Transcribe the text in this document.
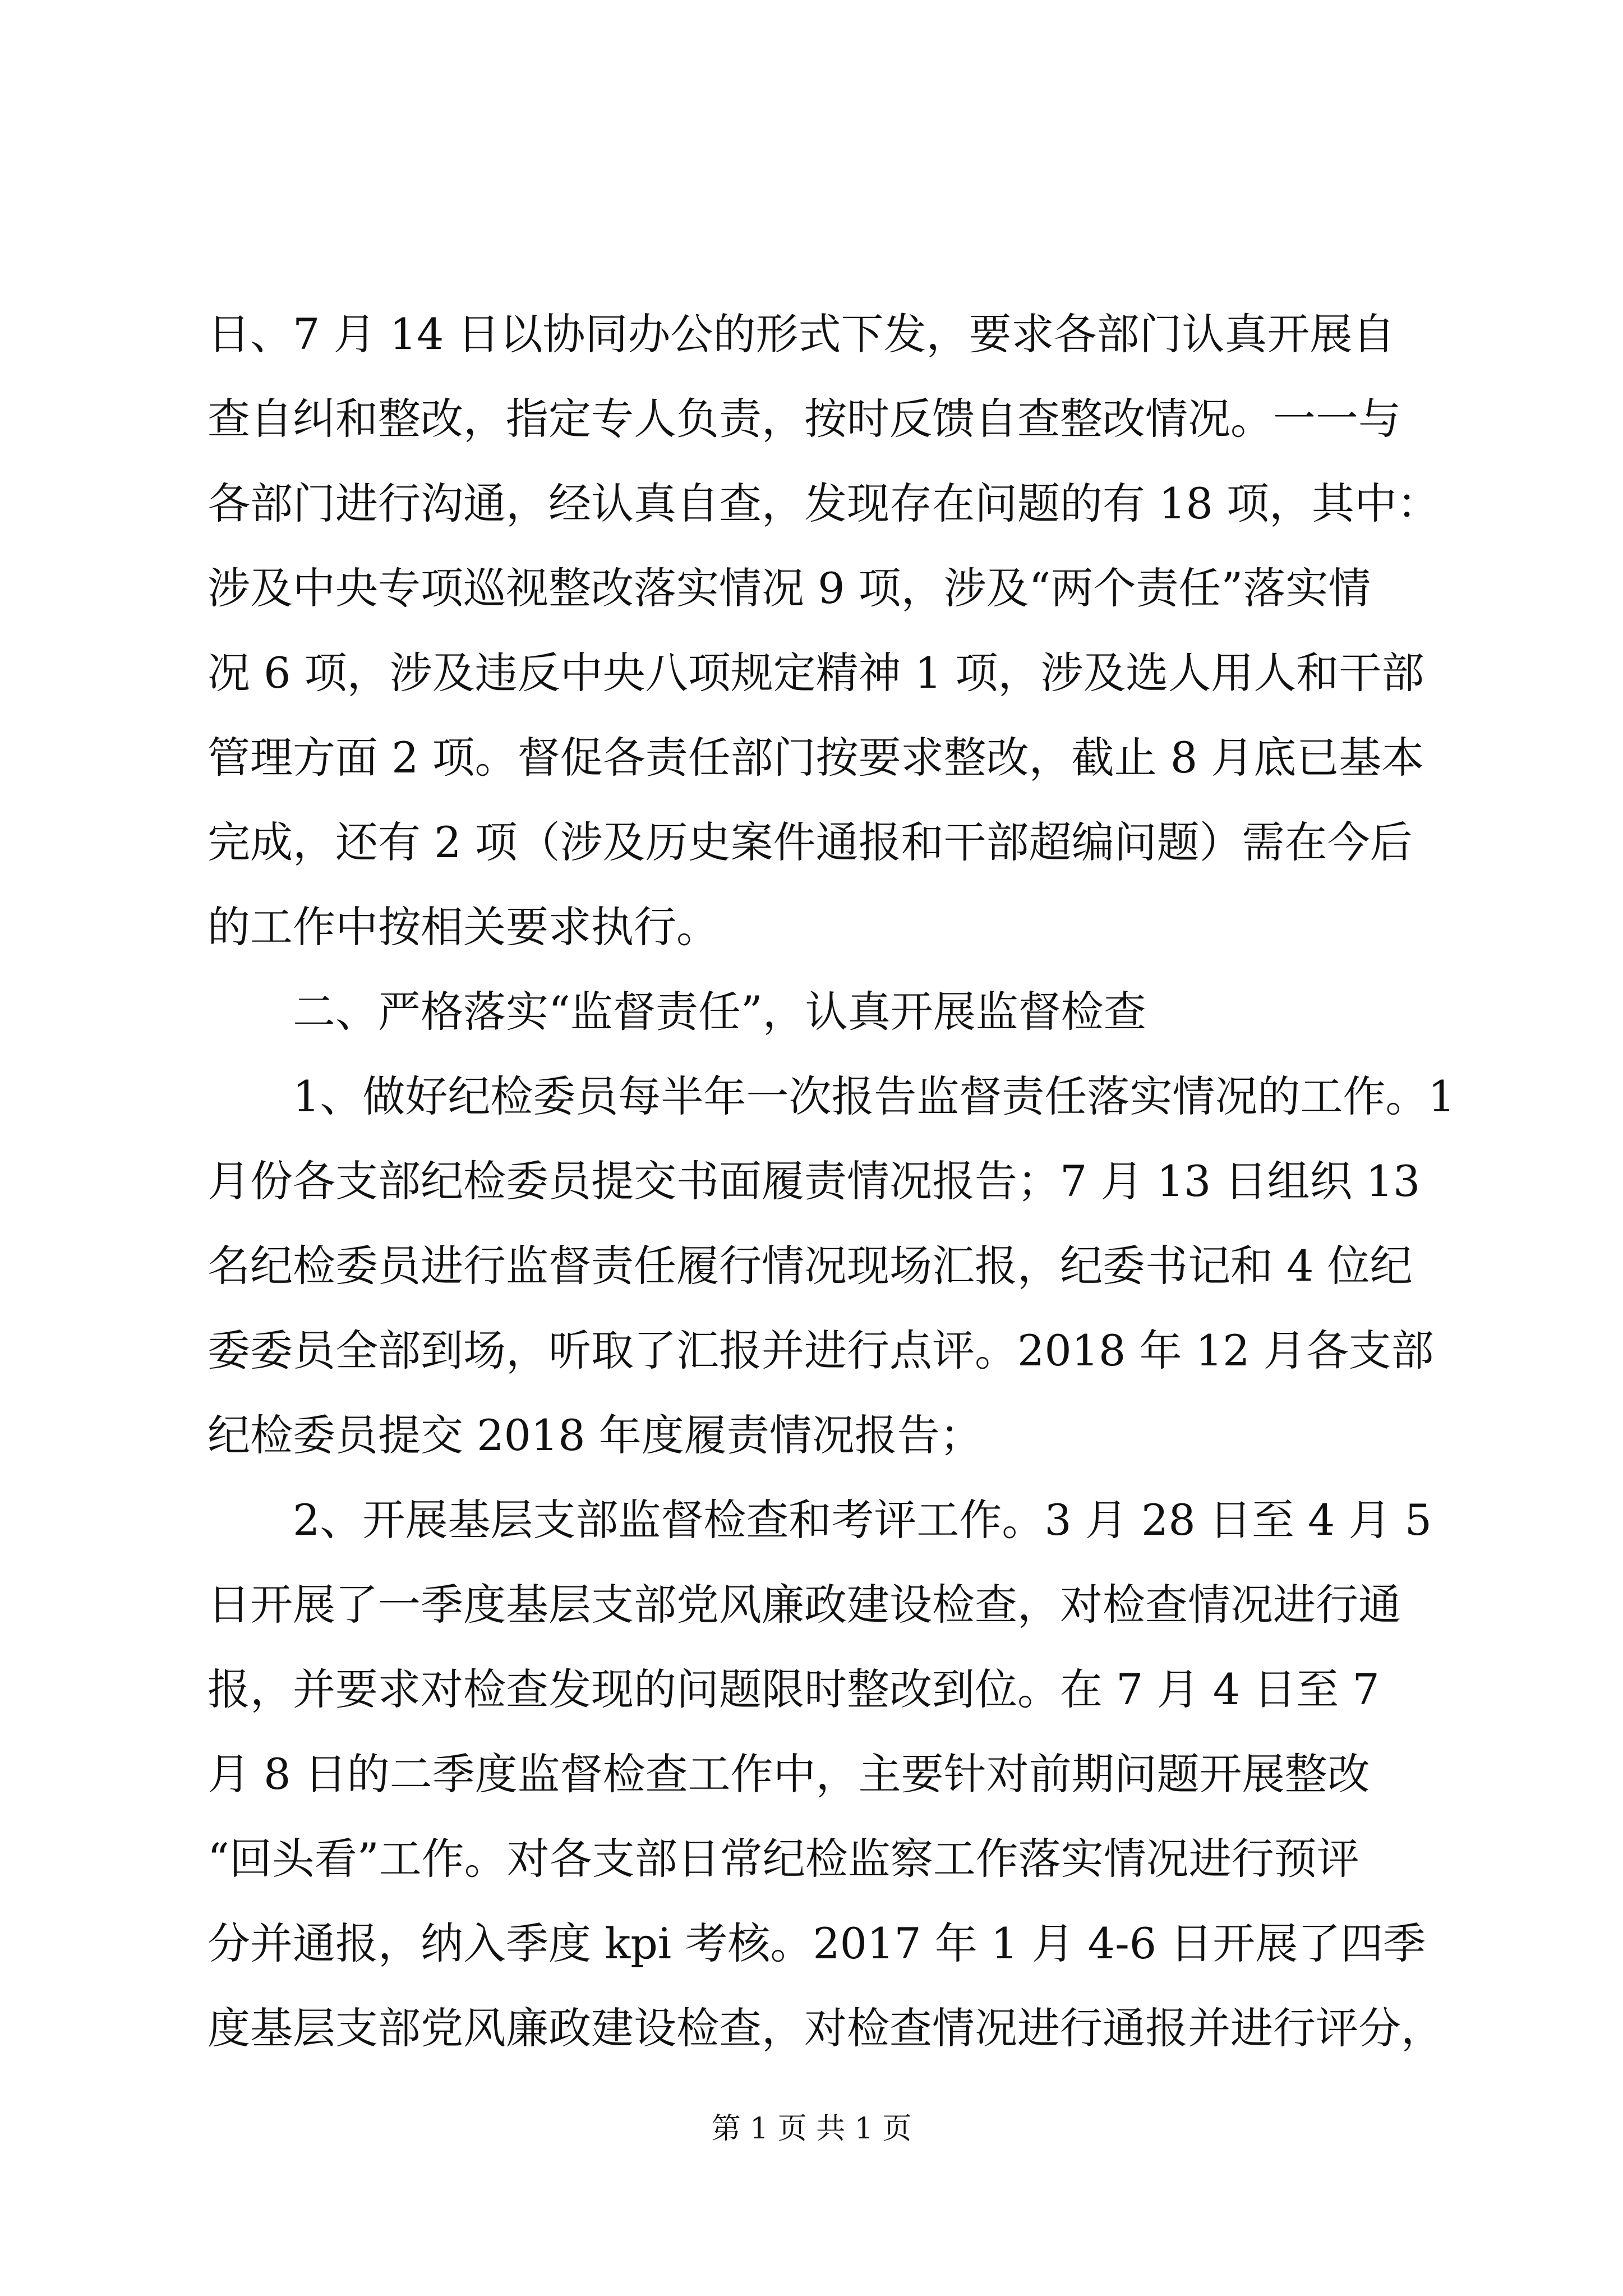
日、7 月 14 日以协同办公的形式下发，要求各部门认真开展自
查自纠和整改，指定专人负责，按时反馈自查整改情况。一一与
各部门进行沟通，经认真自查，发现存在问题的有 18 项，其中：
涉及中央专项巡视整改落实情况 9 项，涉及“两个责任”落实情
况 6 项，涉及违反中央八项规定精神 1 项，涉及选人用人和干部
管理方面 2 项。督促各责任部门按要求整改，截止 8 月底已基本
完成，还有 2 项（涉及历史案件通报和干部超编问题）需在今后
的工作中按相关要求执行。
二、严格落实“监督责任”，认真开展监督检查
1、做好纪检委员每半年一次报告监督责任落实情况的工作。1
月份各支部纪检委员提交书面履责情况报告；7 月 13 日组织 13
名纪检委员进行监督责任履行情况现场汇报，纪委书记和 4 位纪
委委员全部到场，听取了汇报并进行点评。2018 年 12 月各支部
纪检委员提交 2018 年度履责情况报告；
2、开展基层支部监督检查和考评工作。3 月 28 日至 4 月 5
日开展了一季度基层支部党风廉政建设检查，对检查情况进行通
报，并要求对检查发现的问题限时整改到位。在 7 月 4 日至 7
月 8 日的二季度监督检查工作中，主要针对前期问题开展整改
“回头看”工作。对各支部日常纪检监察工作落实情况进行预评
分并通报，纳入季度 kpi 考核。2017 年 1 月 4-6 日开展了四季
度基层支部党风廉政建设检查，对检查情况进行通报并进行评分，
第 1 页 共 1 页
